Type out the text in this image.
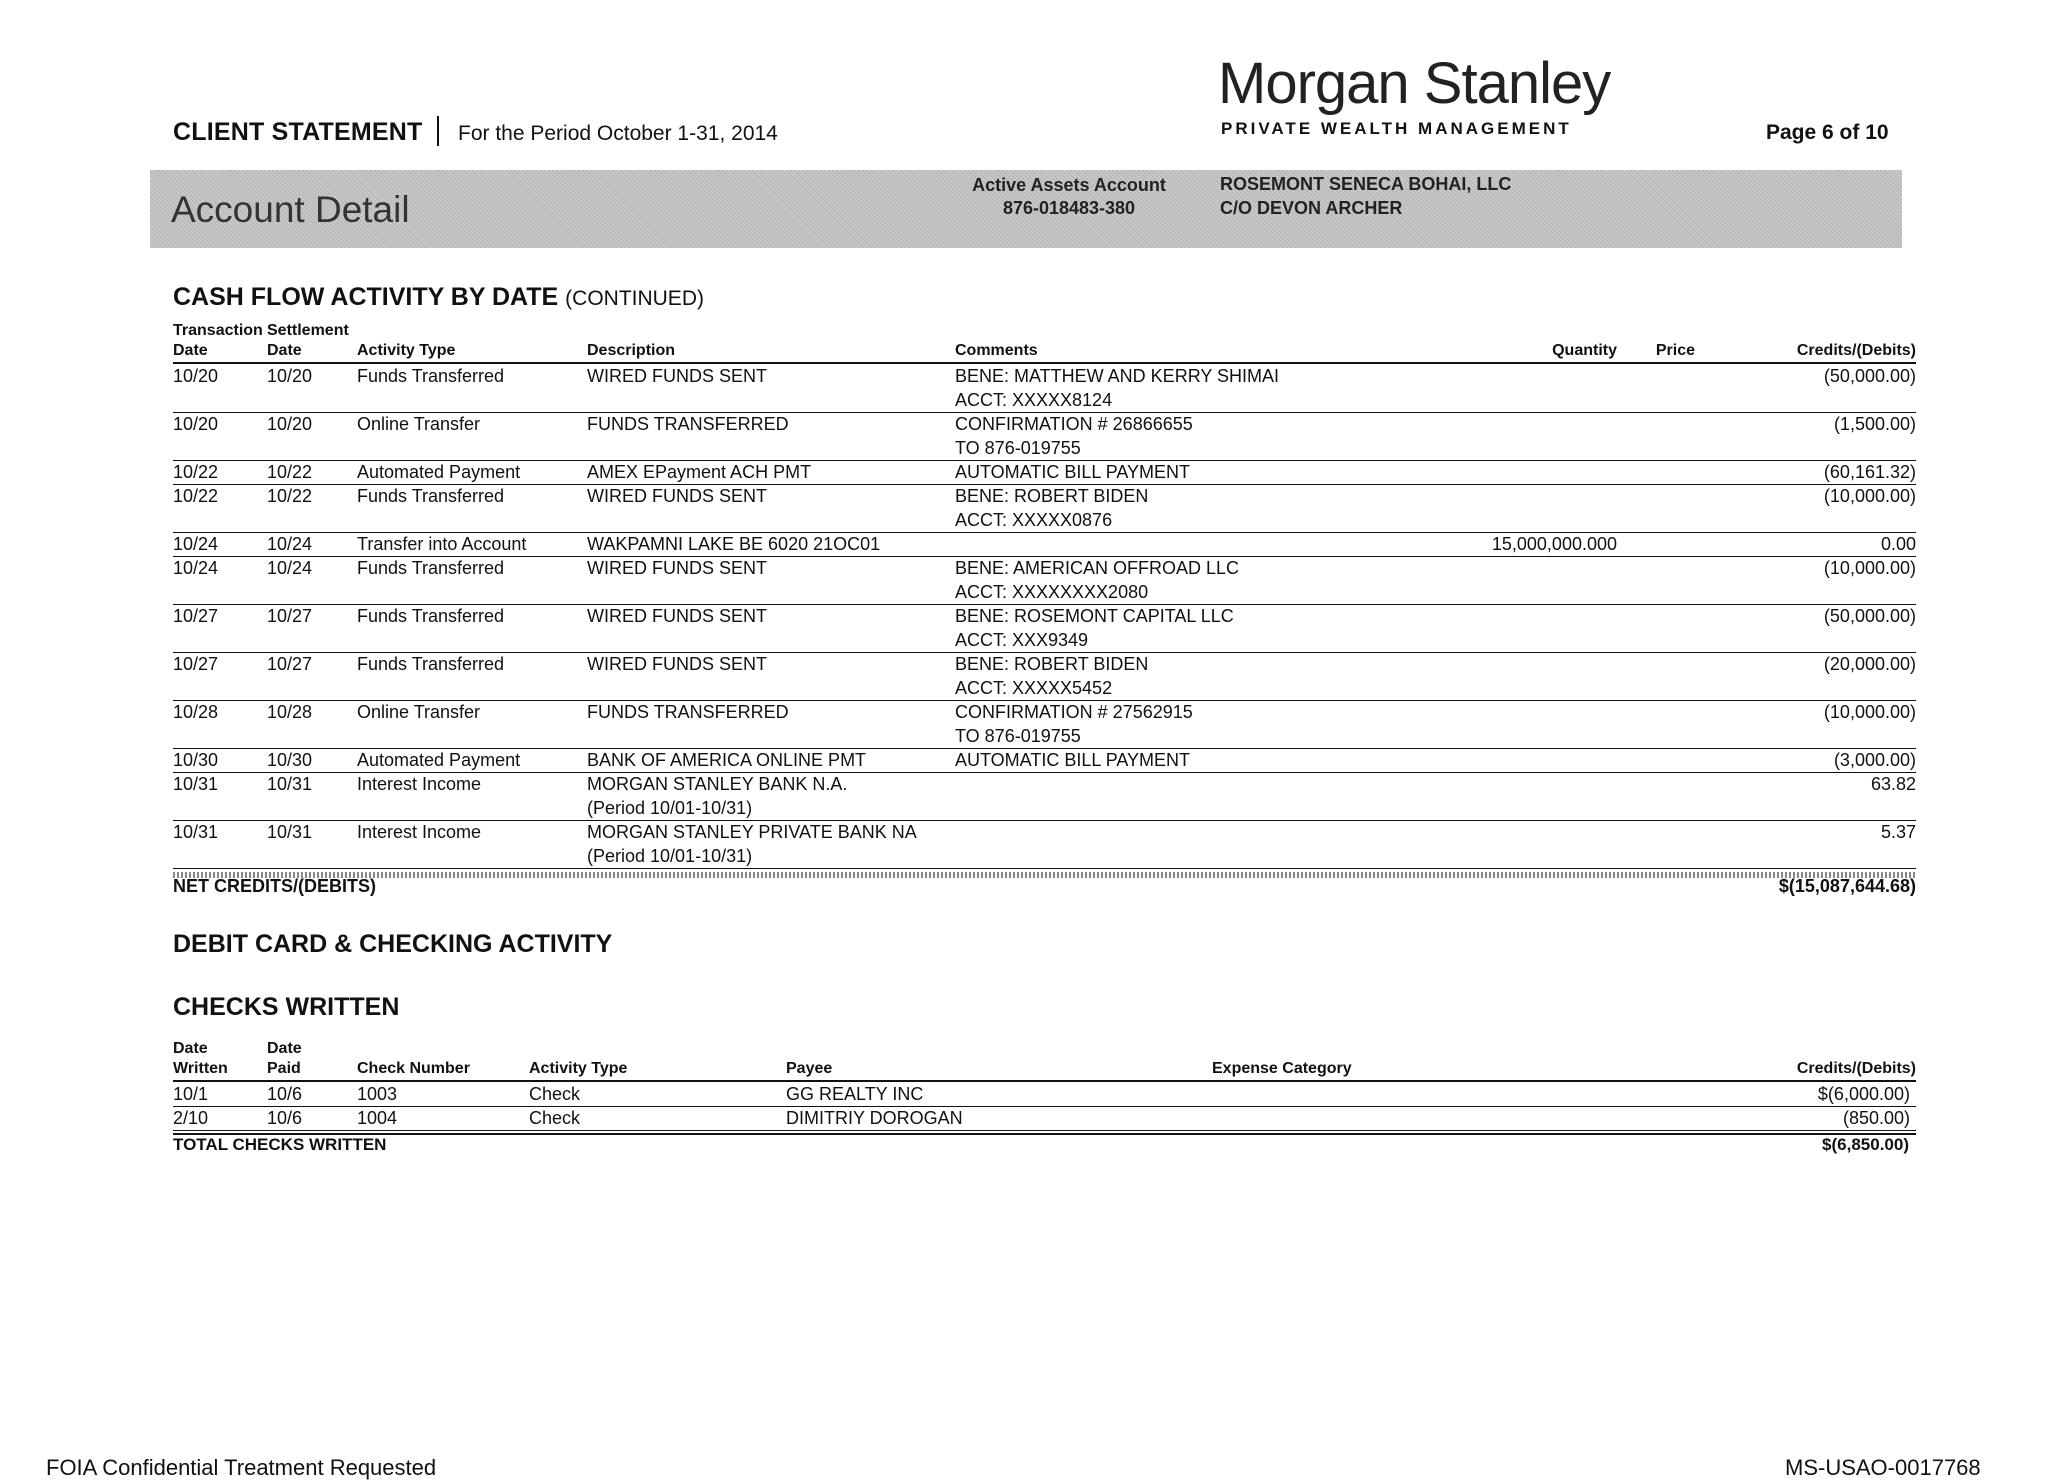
CLIENT STATEMENT For the Period October 1-31, 2014
Morgan Stanley
PRIVATE WEALTH MANAGEMENT	Page 6 of 10
Account Detail
Active Assets Account
876-018483-380
ROSEMONT SENECA BOHAI, LLC
C/O DEVON ARCHER
CASH FLOW ACTIVITY BY DATE (CONTINUED)
Transaction Settlement
Date	Date	Activity Type	Description	Comments	Quantity Price	Credits/(Debits)
10/20	10/20 Funds Transferred	WIRED FUNDS SENT	BENE: MATTHEW AND KERRY SHIMAI	(50,000.00)
ACCT: XXXXX8124
10/20	10/20 Online Transfer	FUNDS TRANSFERRED	CONFIRMATION # 26866655	(1,500.00)
TO 876-019755
10/22	10/22 Automated Payment	AMEX EPayment ACH PMT	AUTOMATIC BILL PAYMENT	(60,161.32)
10/22	10/22 Funds Transferred	WIRED FUNDS SENT	BENE: ROBERT BIDEN	(10,000.00)
ACCT: XXXXX0876
10/24	10/24 Transfer into Account	WAKPAMNI LAKE BE 6020 21OC01	15,000,000.000	0.00
10/24	10/24 Funds Transferred	WIRED FUNDS SENT	BENE: AMERICAN OFFROAD LLC	(10,000.00)
ACCT: XXXXXXXX2080
10/27	10/27 Funds Transferred	WIRED FUNDS SENT	BENE: ROSEMONT CAPITAL LLC	(50,000.00)
ACCT: XXX9349
10/27	10/27 Funds Transferred	WIRED FUNDS SENT	BENE: ROBERT BIDEN	(20,000.00)
ACCT: XXXXX5452
10/28	10/28 Online Transfer	FUNDS TRANSFERRED	CONFIRMATION # 27562915	(10,000.00)
TO 876-019755
10/30	10/30 Automated Payment	BANK OF AMERICA ONLINE PMT	AUTOMATIC BILL PAYMENT	(3,000.00)
10/31	10/31 Interest Income	MORGAN STANLEY BANK N.A.	63.82
(Period 10/01-10/31)
10/31	10/31 Interest Income	MORGAN STANLEY PRIVATE BANK NA	5.37
(Period 10/01-10/31)
NET CREDITS/(DEBITS)	$(15,087,644.68)
DEBIT CARD & CHECKING ACTIVITY
CHECKS WRITTEN
Date	Date
Written Paid	Check Number	Activity Type	Payee	Expense Category	Credits/(Debits)
10/1	10/6	1003	Check	GG REALTY INC	$(6,000.00)
2/10	10/6	1004	Check	DIMITRIY DOROGAN	(850.00)
TOTAL CHECKS WRITTEN	$(6,850.00)
FOIA Confidential Treatment Requested	MS-USAO-0017768
